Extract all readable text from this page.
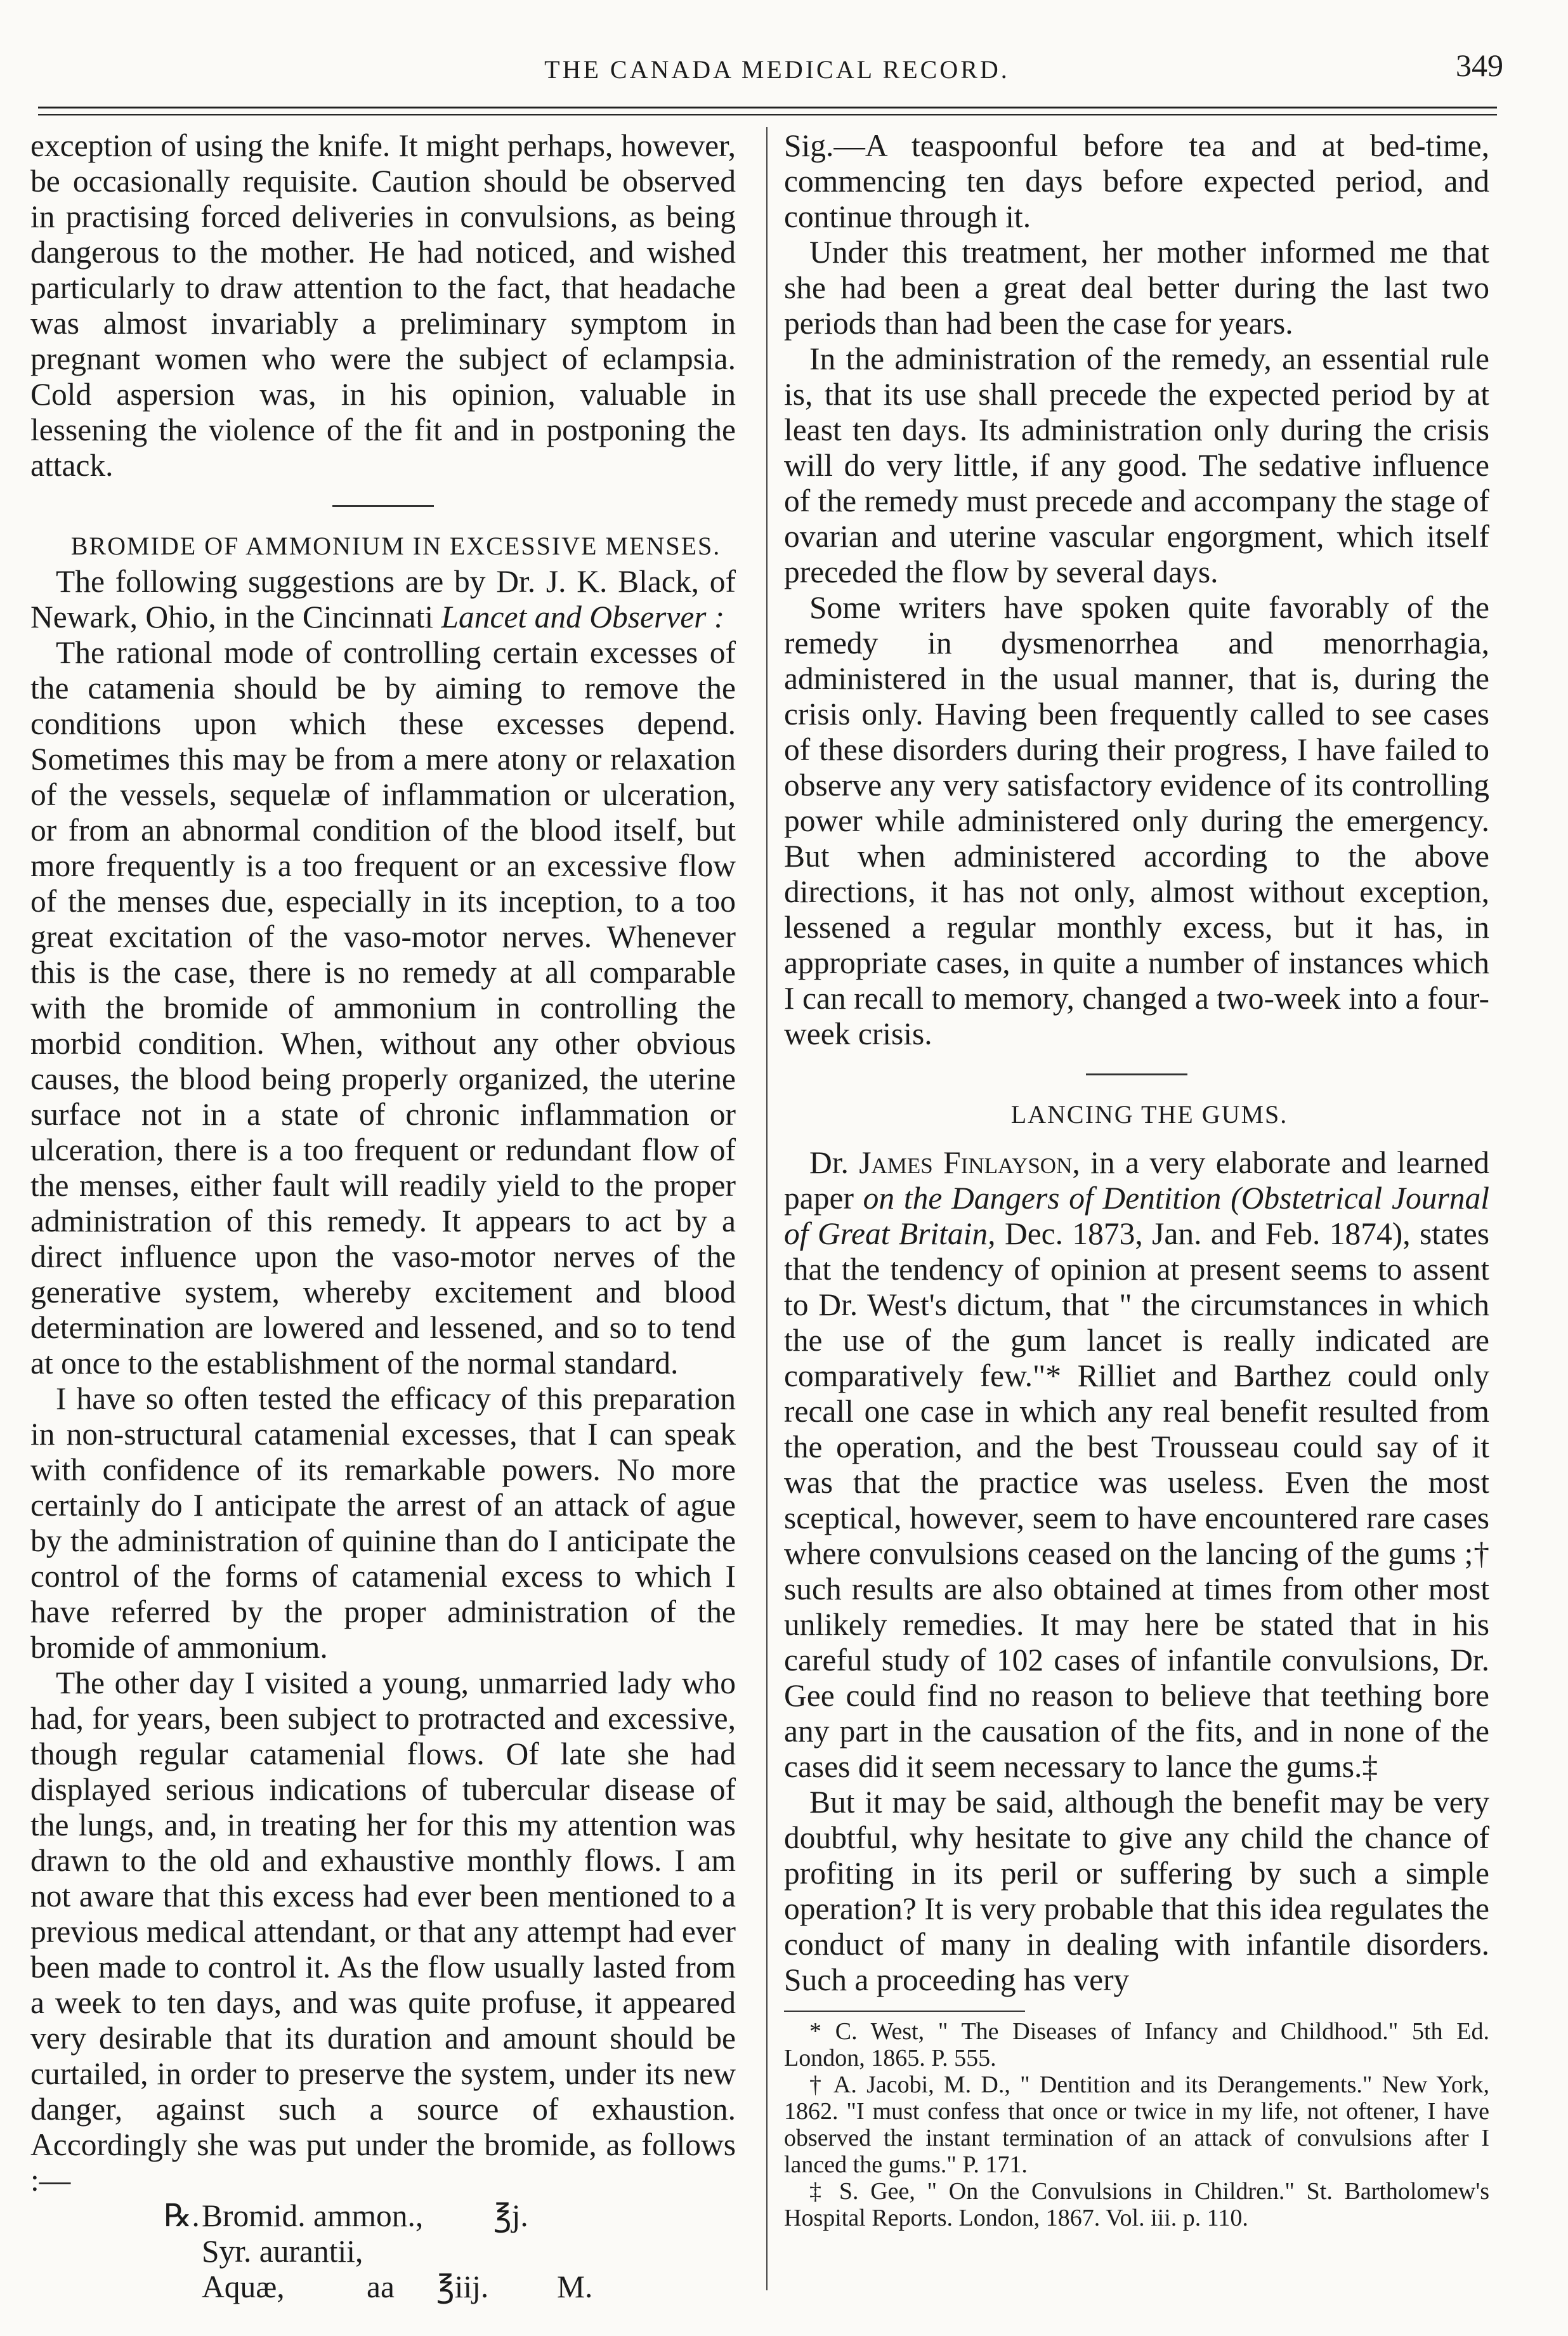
THE CANADA MEDICAL RECORD.	349

exception of using the knife. It might perhaps, however, be occasionally requisite. Caution should be observed in practising forced deliveries in convulsions, as being dangerous to the mother. He had noticed, and wished particularly to draw attention to the fact, that headache was almost invariably a preliminary symptom in pregnant women who were the subject of eclampsia. Cold aspersion was, in his opinion, valuable in lessening the violence of the fit and in postponing the attack.

BROMIDE OF AMMONIUM IN EXCESSIVE MENSES.

The following suggestions are by Dr. J. K. Black, of Newark, Ohio, in the Cincinnati Lancet and Observer :

The rational mode of controlling certain excesses of the catamenia should be by aiming to remove the conditions upon which these excesses depend. Sometimes this may be from a mere atony or relaxation of the vessels, sequelæ of inflammation or ulceration, or from an abnormal condition of the blood itself, but more frequently is a too frequent or an excessive flow of the menses due, especially in its inception, to a too great excitation of the vaso-motor nerves. Whenever this is the case, there is no remedy at all comparable with the bromide of ammonium in controlling the morbid condition. When, without any other obvious causes, the blood being properly organized, the uterine surface not in a state of chronic inflammation or ulceration, there is a too frequent or redundant flow of the menses, either fault will readily yield to the proper administration of this remedy. It appears to act by a direct influence upon the vaso-motor nerves of the generative system, whereby excitement and blood determination are lowered and lessened, and so to tend at once to the establishment of the normal standard.

I have so often tested the efficacy of this preparation in non-structural catamenial excesses, that I can speak with confidence of its remarkable powers. No more certainly do I anticipate the arrest of an attack of ague by the administration of quinine than do I anticipate the control of the forms of catamenial excess to which I have referred by the proper administration of the bromide of ammonium.

The other day I visited a young, unmarried lady who had, for years, been subject to protracted and excessive, though regular catamenial flows. Of late she had displayed serious indications of tubercular disease of the lungs, and, in treating her for this my attention was drawn to the old and exhaustive monthly flows. I am not aware that this excess had ever been mentioned to a previous medical attendant, or that any attempt had ever been made to control it. As the flow usually lasted from a week to ten days, and was quite profuse, it appeared very desirable that its duration and amount should be curtailed, in order to preserve the system, under its new danger, against such a source of exhaustion. Accordingly she was put under the bromide, as follows :—

℞. Bromid. ammon., ℥j.
Syr. aurantii,
Aquæ,	aa ℥iij. M.

Sig.—A teaspoonful before tea and at bed-time, commencing ten days before expected period, and continue through it.

Under this treatment, her mother informed me that she had been a great deal better during the last two periods than had been the case for years.

In the administration of the remedy, an essential rule is, that its use shall precede the expected period by at least ten days. Its administration only during the crisis will do very little, if any good. The sedative influence of the remedy must precede and accompany the stage of ovarian and uterine vascular engorgment, which itself preceded the flow by several days.

Some writers have spoken quite favorably of the remedy in dysmenorrhea and menorrhagia, administered in the usual manner, that is, during the crisis only. Having been frequently called to see cases of these disorders during their progress, I have failed to observe any very satisfactory evidence of its controlling power while administered only during the emergency. But when administered according to the above directions, it has not only, almost without exception, lessened a regular monthly excess, but it has, in appropriate cases, in quite a number of instances which I can recall to memory, changed a two-week into a four-week crisis.

LANCING THE GUMS.

Dr. James Finlayson, in a very elaborate and learned paper on the Dangers of Dentition (Obstetrical Journal of Great Britain, Dec. 1873, Jan. and Feb. 1874), states that the tendency of opinion at present seems to assent to Dr. West's dictum, that " the circumstances in which the use of the gum lancet is really indicated are comparatively few."* Rilliet and Barthez could only recall one case in which any real benefit resulted from the operation, and the best Trousseau could say of it was that the practice was useless. Even the most sceptical, however, seem to have encountered rare cases where convulsions ceased on the lancing of the gums ;† such results are also obtained at times from other most unlikely remedies. It may here be stated that in his careful study of 102 cases of infantile convulsions, Dr. Gee could find no reason to believe that teething bore any part in the causation of the fits, and in none of the cases did it seem necessary to lance the gums.‡

But it may be said, although the benefit may be very doubtful, why hesitate to give any child the chance of profiting in its peril or suffering by such a simple operation? It is very probable that this idea regulates the conduct of many in dealing with infantile disorders. Such a proceeding has very

* C. West, " The Diseases of Infancy and Childhood." 5th Ed. London, 1865. P. 555.

† A. Jacobi, M. D., " Dentition and its Derangements." New York, 1862. "I must confess that once or twice in my life, not oftener, I have observed the instant termination of an attack of convulsions after I lanced the gums." P. 171.

‡ S. Gee, " On the Convulsions in Children." St. Bartholomew's Hospital Reports. London, 1867. Vol. iii. p. 110.
